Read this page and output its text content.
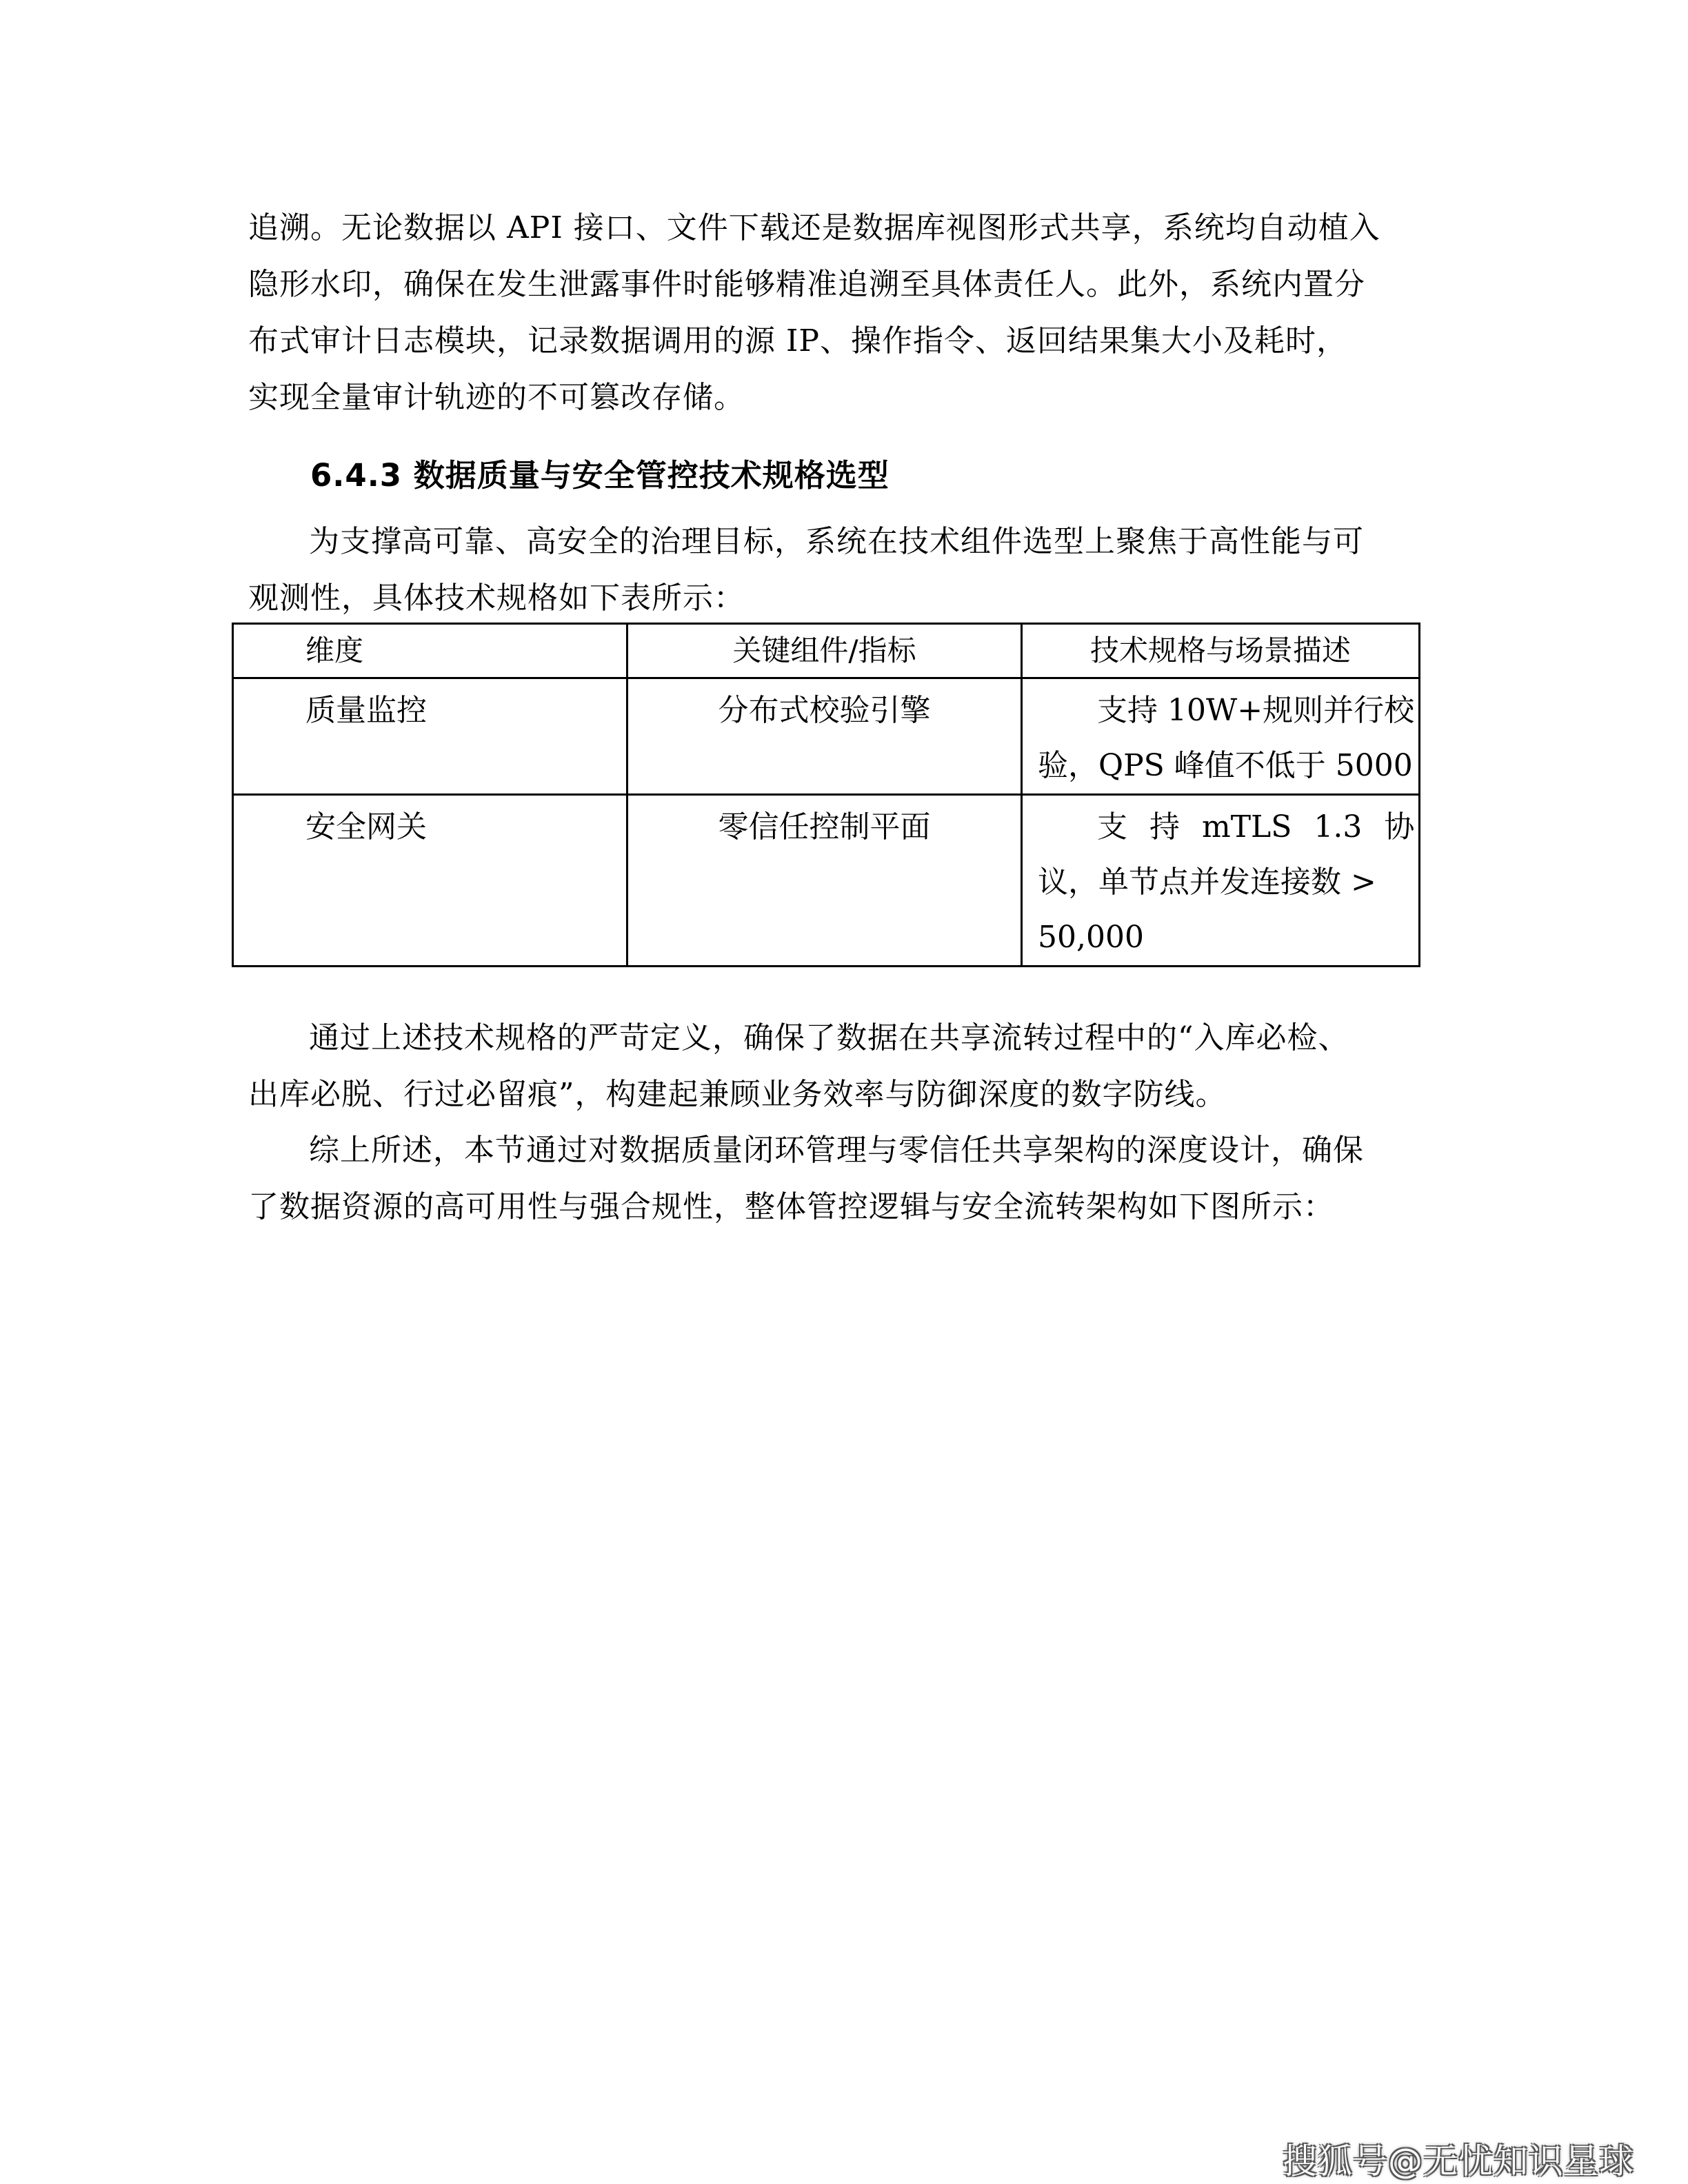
追溯。无论数据以 API 接口、文件下载还是数据库视图形式共享，系统均自动植入
隐形水印，确保在发生泄露事件时能够精准追溯至具体责任人。此外，系统内置分
布式审计日志模块，记录数据调用的源 IP、操作指令、返回结果集大小及耗时，
实现全量审计轨迹的不可篡改存储。

6.4.3 数据质量与安全管控技术规格选型

为支撑高可靠、高安全的治理目标，系统在技术组件选型上聚焦于高性能与可
观测性，具体技术规格如下表所示：

维度	关键组件/指标	技术规格与场景描述
质量监控	分布式校验引擎	支持 10W+规则并行校
验，QPS 峰值不低于 5000

安全网关	零信任控制平面	支 持 mTLS 1.3 协
议，单节点并发连接数 >
50,000

通过上述技术规格的严苛定义，确保了数据在共享流转过程中的“入库必检、
出库必脱、行过必留痕”，构建起兼顾业务效率与防御深度的数字防线。

综上所述，本节通过对数据质量闭环管理与零信任共享架构的深度设计，确保
了数据资源的高可用性与强合规性，整体管控逻辑与安全流转架构如下图所示：

搜狐号@无忧知识星球
